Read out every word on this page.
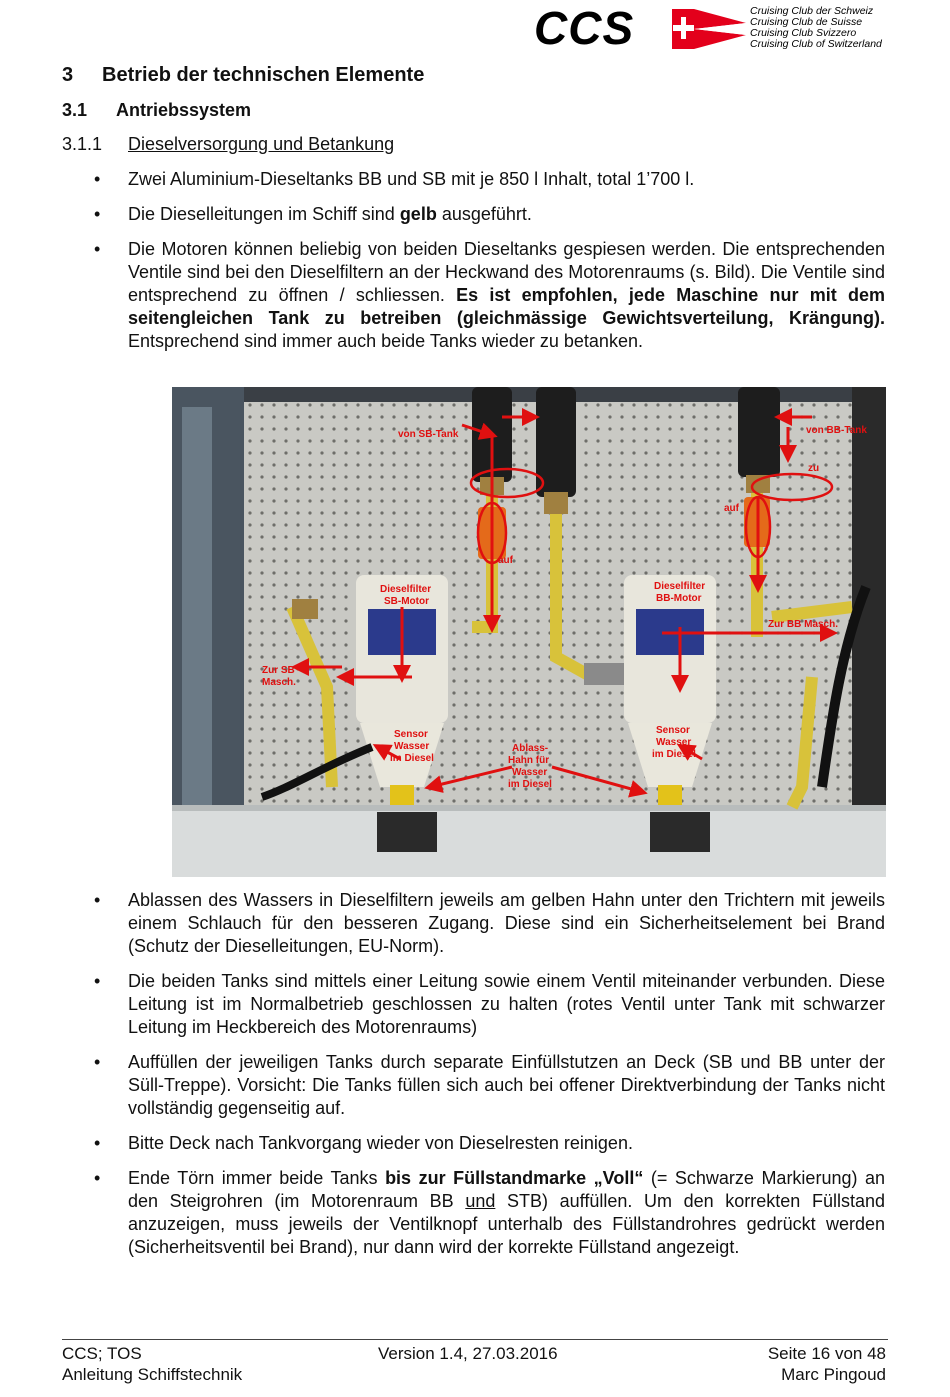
CCS	Cruising Club der Schweiz
Cruising Club de Suisse
Cruising Club Svizzero
Cruising Club of Switzerland
3 Betrieb der technischen Elemente
3.1 Antriebssystem
3.1.1 Dieselversorgung und Betankung
• Zwei Aluminium-Dieseltanks BB und SB mit je 850 l Inhalt, total 1’700 l.
• Die Dieselleitungen im Schiff sind gelb ausgeführt.
• Die Motoren können beliebig von beiden Dieseltanks gespiesen werden. Die entsprechenden Ventile sind bei den Dieselfiltern an der Heckwand des Motorenraums (s. Bild). Die Ventile sind entsprechend zu öffnen / schliessen. Es ist empfohlen, jede Maschine nur mit dem seitengleichen Tank zu betreiben (gleichmässige Gewichtsverteilung, Krängung). Entsprechend sind immer auch beide Tanks wieder zu betanken.
von SB-Tank	von BB-Tank
zu
auf
auf
Dieselfilter
SB-Motor
Dieselfilter
BB-Motor
Zur SB
Masch.
Zur BB Masch.
Sensor
Wasser
im Diesel
Sensor
Wasser
im Diesel
Ablass-
Hahn für
Wasser
im Diesel
• Ablassen des Wassers in Dieselfiltern jeweils am gelben Hahn unter den Trichtern mit jeweils einem Schlauch für den besseren Zugang. Diese sind ein Sicherheitselement bei Brand (Schutz der Dieselleitungen, EU-Norm).
• Die beiden Tanks sind mittels einer Leitung sowie einem Ventil miteinander verbunden. Diese Leitung ist im Normalbetrieb geschlossen zu halten (rotes Ventil unter Tank mit schwarzer Leitung im Heckbereich des Motorenraums)
• Auffüllen der jeweiligen Tanks durch separate Einfüllstutzen an Deck (SB und BB unter der Süll-Treppe). Vorsicht: Die Tanks füllen sich auch bei offener Direktverbindung der Tanks nicht vollständig gegenseitig auf.
• Bitte Deck nach Tankvorgang wieder von Dieselresten reinigen.
• Ende Törn immer beide Tanks bis zur Füllstandmarke „Voll“ (= Schwarze Markierung) an den Steigrohren (im Motorenraum BB und STB) auffüllen. Um den korrekten Füllstand anzuzeigen, muss jeweils der Ventilknopf unterhalb des Füllstandrohres gedrückt werden (Sicherheitsventil bei Brand), nur dann wird der korrekte Füllstand angezeigt.
CCS; TOS
Anleitung Schiffstechnik
Version 1.4, 27.03.2016	Seite 16 von 48
Marc Pingoud
